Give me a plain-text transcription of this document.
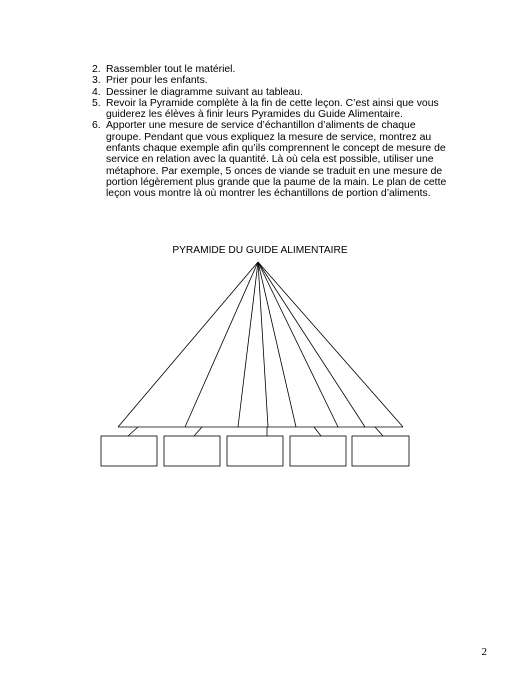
2. Rassembler tout le matériel.
3. Prier pour les enfants.
4. Dessiner le diagramme suivant au tableau.
5. Revoir la Pyramide complète à la fin de cette leçon. C’est ainsi que vous guiderez les élèves à finir leurs Pyramides du Guide Alimentaire.
6. Apporter une mesure de service d’échantillon d’aliments de chaque groupe. Pendant que vous expliquez la mesure de service, montrez au enfants chaque exemple afin qu’ils comprennent le concept de mesure de service en relation avec la quantité. Là où cela est possible, utiliser une métaphore. Par exemple, 5 onces de viande se traduit en une mesure de portion légèrement plus grande que la paume de la main. Le plan de cette leçon vous montre là où montrer les échantillons de portion d’aliments.
PYRAMIDE DU GUIDE ALIMENTAIRE
2
